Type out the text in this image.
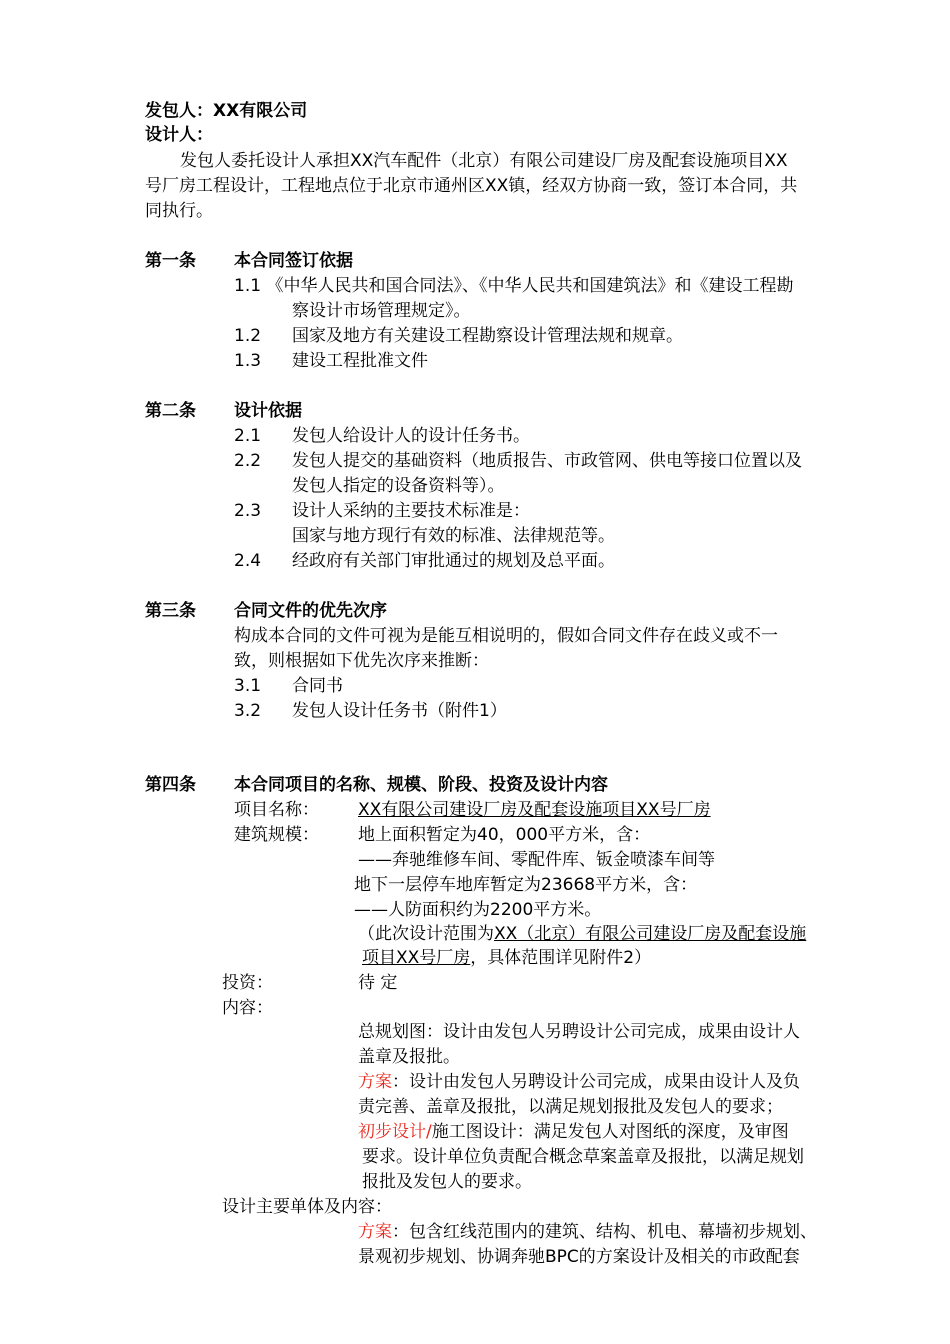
发包人：XX有限公司
设计人：
发包人委托设计人承担XX汽车配件（北京）有限公司建设厂房及配套设施项目XX
号厂房工程设计，工程地点位于北京市通州区XX镇，经双方协商一致，签订本合同，共
同执行。
第一条 本合同签订依据
1.1 《中华人民共和国合同法》、《中华人民共和国建筑法》和《建设工程勘
察设计市场管理规定》。
1.2 国家及地方有关建设工程勘察设计管理法规和规章。
1.3 建设工程批准文件
第二条 设计依据
2.1 发包人给设计人的设计任务书。
2.2 发包人提交的基础资料（地质报告、市政管网、供电等接口位置以及
发包人指定的设备资料等）。
2.3 设计人采纳的主要技术标准是：
国家与地方现行有效的标准、法律规范等。
2.4 经政府有关部门审批通过的规划及总平面。
第三条 合同文件的优先次序
构成本合同的文件可视为是能互相说明的，假如合同文件存在歧义或不一
致，则根据如下优先次序来推断：
3.1 合同书
3.2 发包人设计任务书（附件1）
第四条 本合同项目的名称、规模、阶段、投资及设计内容
项目名称： XX有限公司建设厂房及配套设施项目XX号厂房
建筑规模： 地上面积暂定为40，000平方米，含：
——奔驰维修车间、零配件库、钣金喷漆车间等
地下一层停车地库暂定为23668平方米，含：
——人防面积约为2200平方米。
（此次设计范围为XX（北京）有限公司建设厂房及配套设施
项目XX号厂房，具体范围详见附件2）
投资：	待 定
内容：
总规划图：设计由发包人另聘设计公司完成，成果由设计人
盖章及报批。
方案：设计由发包人另聘设计公司完成，成果由设计人及负
责完善、盖章及报批，以满足规划报批及发包人的要求；
初步设计/施工图设计：满足发包人对图纸的深度，及审图
要求。设计单位负责配合概念草案盖章及报批，以满足规划
报批及发包人的要求。
设计主要单体及内容：
方案：包含红线范围内的建筑、结构、机电、幕墙初步规划、
景观初步规划、协调奔驰BPC的方案设计及相关的市政配套
